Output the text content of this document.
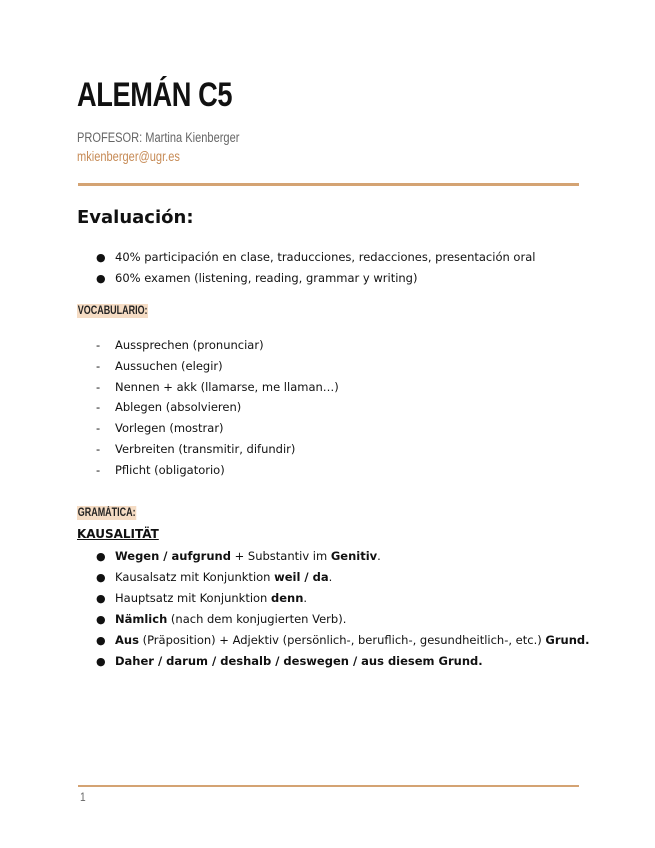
ALEMÁN C5
PROFESOR: Martina Kienberger
mkienberger@ugr.es
Evaluación:
● 40% participación en clase, traducciones, redacciones, presentación oral
● 60% examen (listening, reading, grammar y writing)
VOCABULARIO:
- Aussprechen (pronunciar)
- Aussuchen (elegir)
- Nennen + akk (llamarse, me llaman…)
- Ablegen (absolvieren)
- Vorlegen (mostrar)
- Verbreiten (transmitir, difundir)
- Pflicht (obligatorio)
GRAMÁTICA:
KAUSALITÄT
● Wegen / aufgrund + Substantiv im Genitiv.
● Kausalsatz mit Konjunktion weil / da.
● Hauptsatz mit Konjunktion denn.
● Nämlich (nach dem konjugierten Verb).
● Aus (Präposition) + Adjektiv (persönlich-, beruflich-, gesundheitlich-, etc.) Grund.
● Daher / darum / deshalb / deswegen / aus diesem Grund.
1
